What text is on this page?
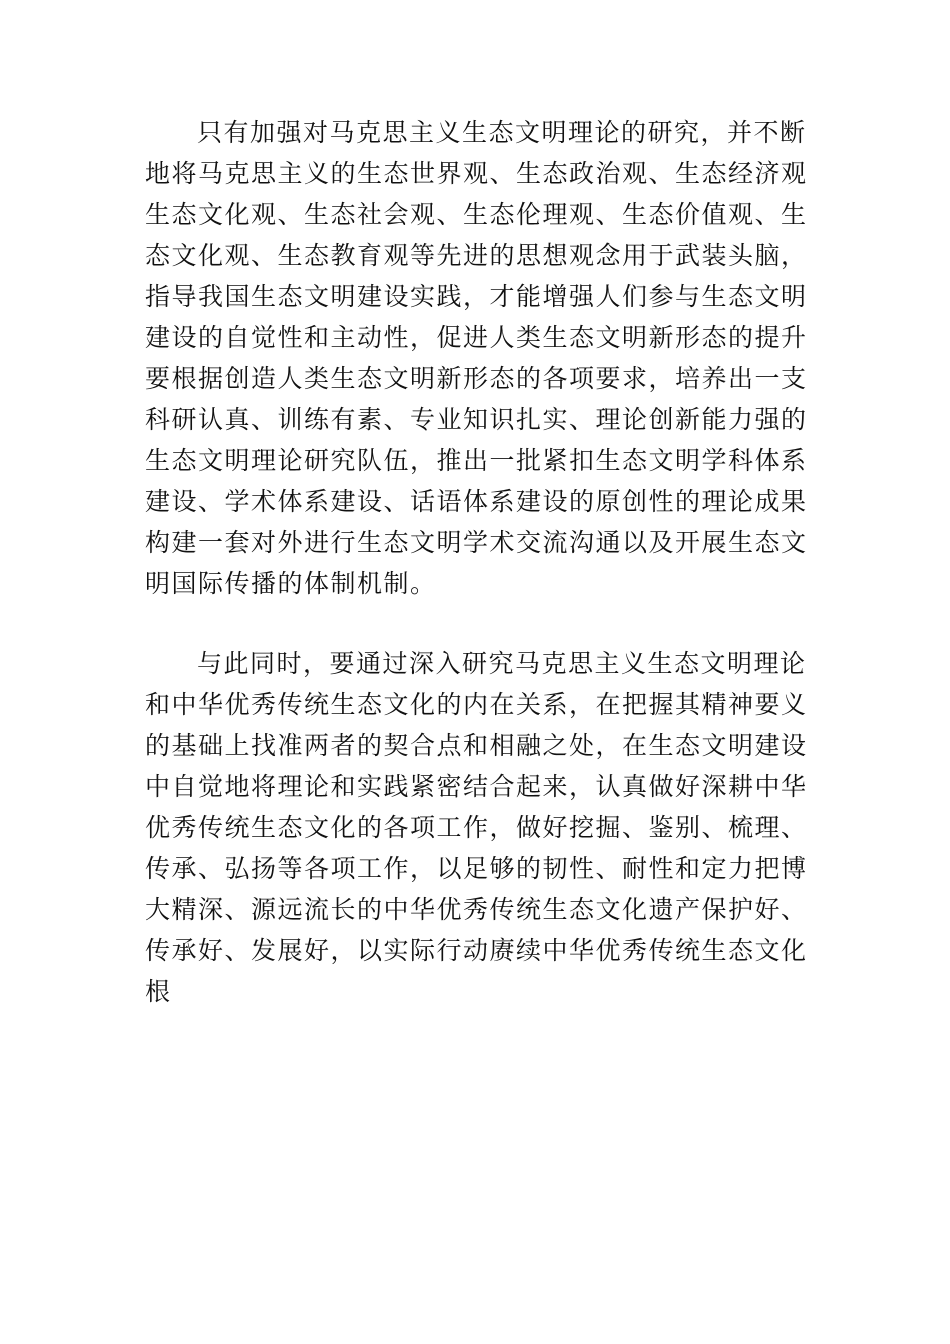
只有加强对马克思主义生态文明理论的研究，并不断
地将马克思主义的生态世界观、生态政治观、生态经济观
生态文化观、生态社会观、生态伦理观、生态价值观、生
态文化观、生态教育观等先进的思想观念用于武装头脑，
指导我国生态文明建设实践，才能增强人们参与生态文明
建设的自觉性和主动性，促进人类生态文明新形态的提升
要根据创造人类生态文明新形态的各项要求，培养出一支
科研认真、训练有素、专业知识扎实、理论创新能力强的
生态文明理论研究队伍，推出一批紧扣生态文明学科体系
建设、学术体系建设、话语体系建设的原创性的理论成果
构建一套对外进行生态文明学术交流沟通以及开展生态文
明国际传播的体制机制。
与此同时，要通过深入研究马克思主义生态文明理论
和中华优秀传统生态文化的内在关系，在把握其精神要义
的基础上找准两者的契合点和相融之处，在生态文明建设
中自觉地将理论和实践紧密结合起来，认真做好深耕中华
优秀传统生态文化的各项工作，做好挖掘、鉴别、梳理、
传承、弘扬等各项工作，以足够的韧性、耐性和定力把博
大精深、源远流长的中华优秀传统生态文化遗产保护好、
传承好、发展好，以实际行动赓续中华优秀传统生态文化
根
